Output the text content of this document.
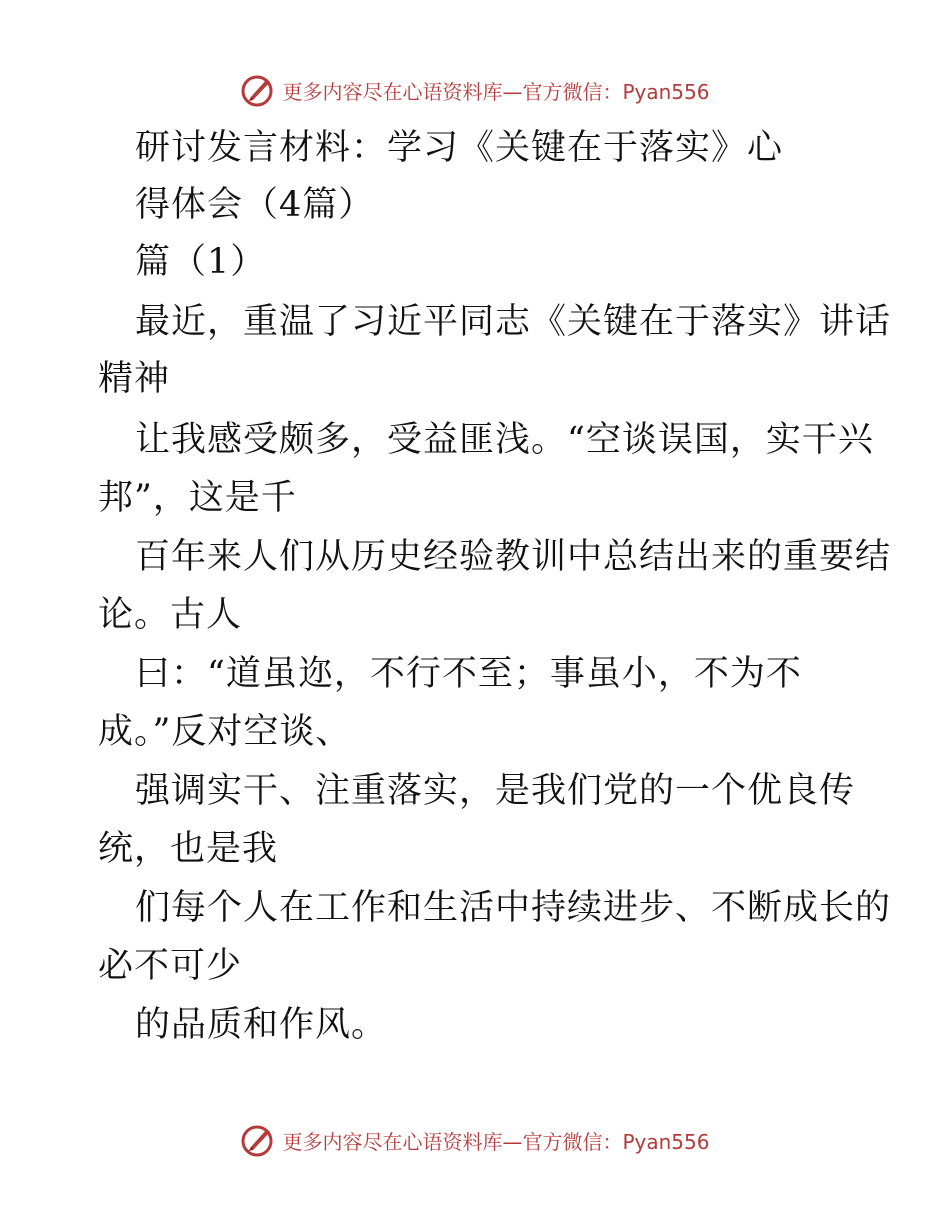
更多内容尽在心语资料库—官方微信：Pyan556
研讨发言材料：学习《关键在于落实》心
得体会（4篇）
篇（1）
最近，重温了习近平同志《关键在于落实》讲话
精神
让我感受颇多，受益匪浅。“空谈误国，实干兴
邦”，这是千
百年来人们从历史经验教训中总结出来的重要结
论。古人
曰：“道虽迩，不行不至；事虽小，不为不
成。”反对空谈、
强调实干、注重落实，是我们党的一个优良传
统，也是我
们每个人在工作和生活中持续进步、不断成长的
必不可少
的品质和作风。
更多内容尽在心语资料库—官方微信：Pyan556
